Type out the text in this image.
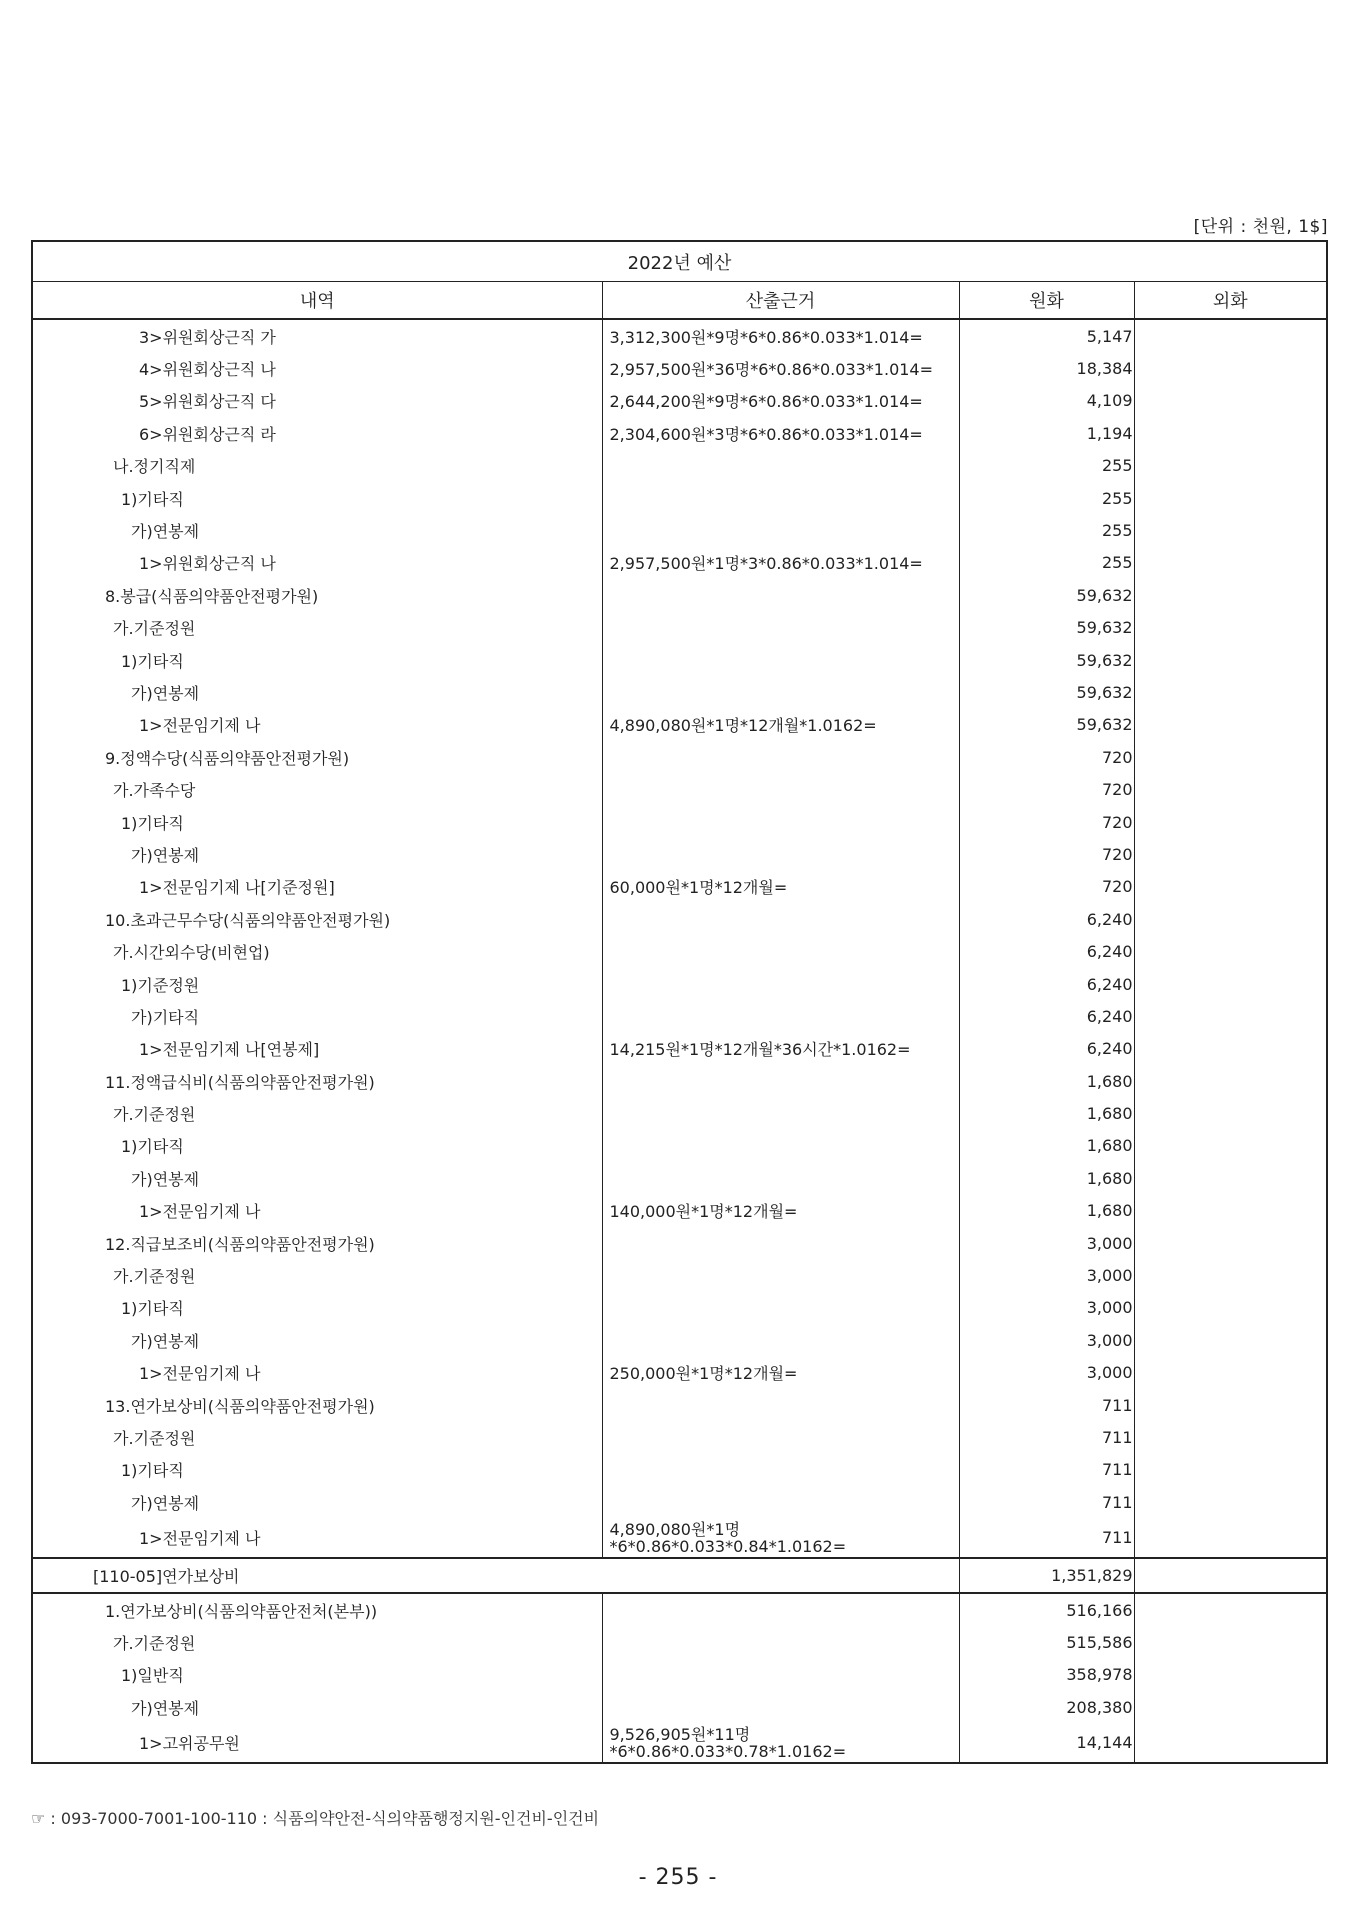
[단위 : 천원, 1$]
2022년 예산			
내역	산출근거	원화	외화
3>위원회상근직 가	3,312,300원*9명*6*0.86*0.033*1.014=	5,147	
4>위원회상근직 나	2,957,500원*36명*6*0.86*0.033*1.014=	18,384	
5>위원회상근직 다	2,644,200원*9명*6*0.86*0.033*1.014=	4,109	
6>위원회상근직 라	2,304,600원*3명*6*0.86*0.033*1.014=	1,194	
나.정기직제		255	
1)기타직		255	
가)연봉제		255	
1>위원회상근직 나	2,957,500원*1명*3*0.86*0.033*1.014=	255	
8.봉급(식품의약품안전평가원)		59,632	
가.기준정원		59,632	
1)기타직		59,632	
가)연봉제		59,632	
1>전문임기제 나	4,890,080원*1명*12개월*1.0162=	59,632	
9.정액수당(식품의약품안전평가원)		720	
가.가족수당		720	
1)기타직		720	
가)연봉제		720	
1>전문임기제 나[기준정원]	60,000원*1명*12개월=	720	
10.초과근무수당(식품의약품안전평가원)		6,240	
가.시간외수당(비현업)		6,240	
1)기준정원		6,240	
가)기타직		6,240	
1>전문임기제 나[연봉제]	14,215원*1명*12개월*36시간*1.0162=	6,240	
11.정액급식비(식품의약품안전평가원)		1,680	
가.기준정원		1,680	
1)기타직		1,680	
가)연봉제		1,680	
1>전문임기제 나	140,000원*1명*12개월=	1,680	
12.직급보조비(식품의약품안전평가원)		3,000	
가.기준정원		3,000	
1)기타직		3,000	
가)연봉제		3,000	
1>전문임기제 나	250,000원*1명*12개월=	3,000	
13.연가보상비(식품의약품안전평가원)		711	
가.기준정원		711	
1)기타직		711	
가)연봉제		711	
1>전문임기제 나	4,890,080원*1명*6*0.86*0.033*0.84*1.0162=	711	
[110-05]연가보상비		1,351,829	
1.연가보상비(식품의약품안전처(본부))		516,166	
가.기준정원		515,586	
1)일반직		358,978	
가)연봉제		208,380	
1>고위공무원	9,526,905원*11명*6*0.86*0.033*0.78*1.0162=	14,144	
☞ : 093-7000-7001-100-110 : 식품의약안전-식의약품행정지원-인건비-인건비
- 255 -
